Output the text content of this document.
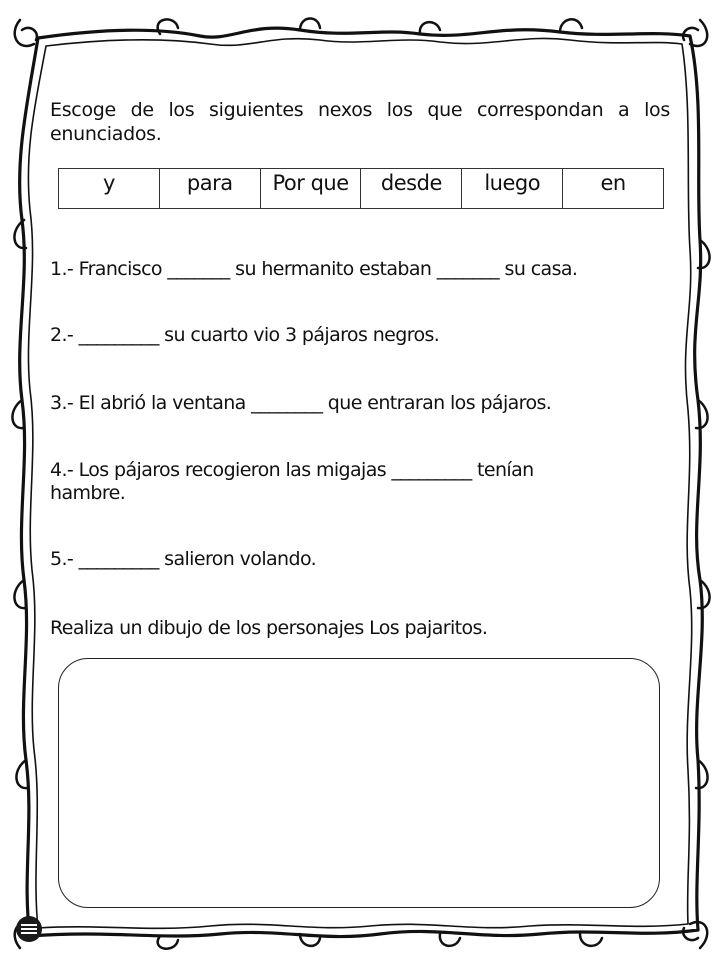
Escoge de los siguientes nexos los que correspondan a los enunciados.
y	para	Por que	desde	luego	en
1.- Francisco _______ su hermanito estaban _______ su casa.
2.- _________ su cuarto vio 3 pájaros negros.
3.- El abrió la ventana ________ que entraran los pájaros.
4.- Los pájaros recogieron las migajas _________ tenían hambre.
5.- _________ salieron volando.
Realiza un dibujo de los personajes Los pajaritos.
